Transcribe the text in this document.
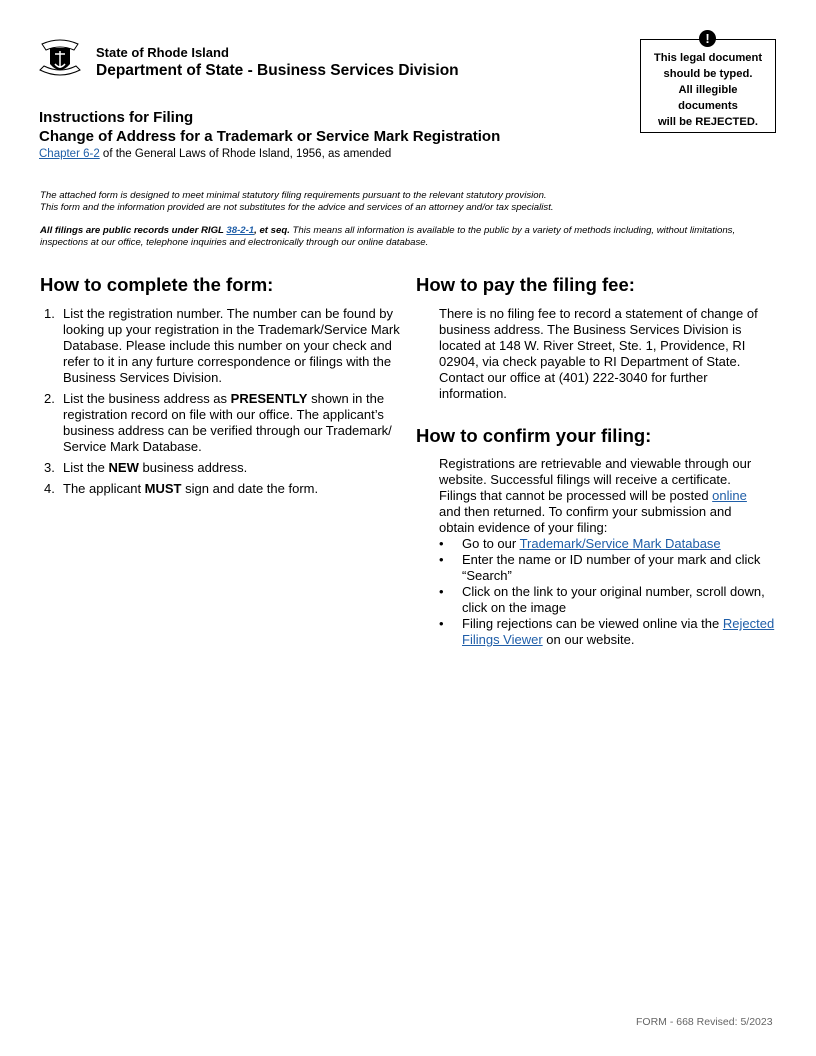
State of Rhode Island
Department of State - Business Services Division
This legal document
should be typed.
All illegible
documents
will be REJECTED.
!
Instructions for Filing
Change of Address for a Trademark or Service Mark Registration
Chapter 6-2 of the General Laws of Rhode Island, 1956, as amended
The attached form is designed to meet minimal statutory filing requirements pursuant to the relevant statutory provision.
This form and the information provided are not substitutes for the advice and services of an attorney and/or tax specialist.
All filings are public records under RIGL 38-2-1, et seq. This means all information is available to the public by a variety of methods including, without limitations, inspections at our office, telephone inquiries and electronically through our online database.
How to complete the form:
1. List the registration number. The number can be found by looking up your registration in the Trademark/Service Mark Database. Please include this number on your check and refer to it in any furture correspondence or filings with the Business Services Division.
2. List the business address as PRESENTLY shown in the registration record on file with our office. The applicant’s business address can be verified through our Trademark/ Service Mark Database.
3. List the NEW business address.
4. The applicant MUST sign and date the form.
How to pay the filing fee:
There is no filing fee to record a statement of change of business address. The Business Services Division is located at 148 W. River Street, Ste. 1, Providence, RI 02904, via check payable to RI Department of State. Contact our office at (401) 222-3040 for further information.
How to confirm your filing:
Registrations are retrievable and viewable through our website. Successful filings will receive a certificate. Filings that cannot be processed will be posted online and then returned. To confirm your submission and obtain evidence of your filing:
• Go to our Trademark/Service Mark Database
• Enter the name or ID number of your mark and click “Search”
• Click on the link to your original number, scroll down, click on the image
• Filing rejections can be viewed online via the Rejected Filings Viewer on our website.
FORM - 668 Revised: 5/2023
